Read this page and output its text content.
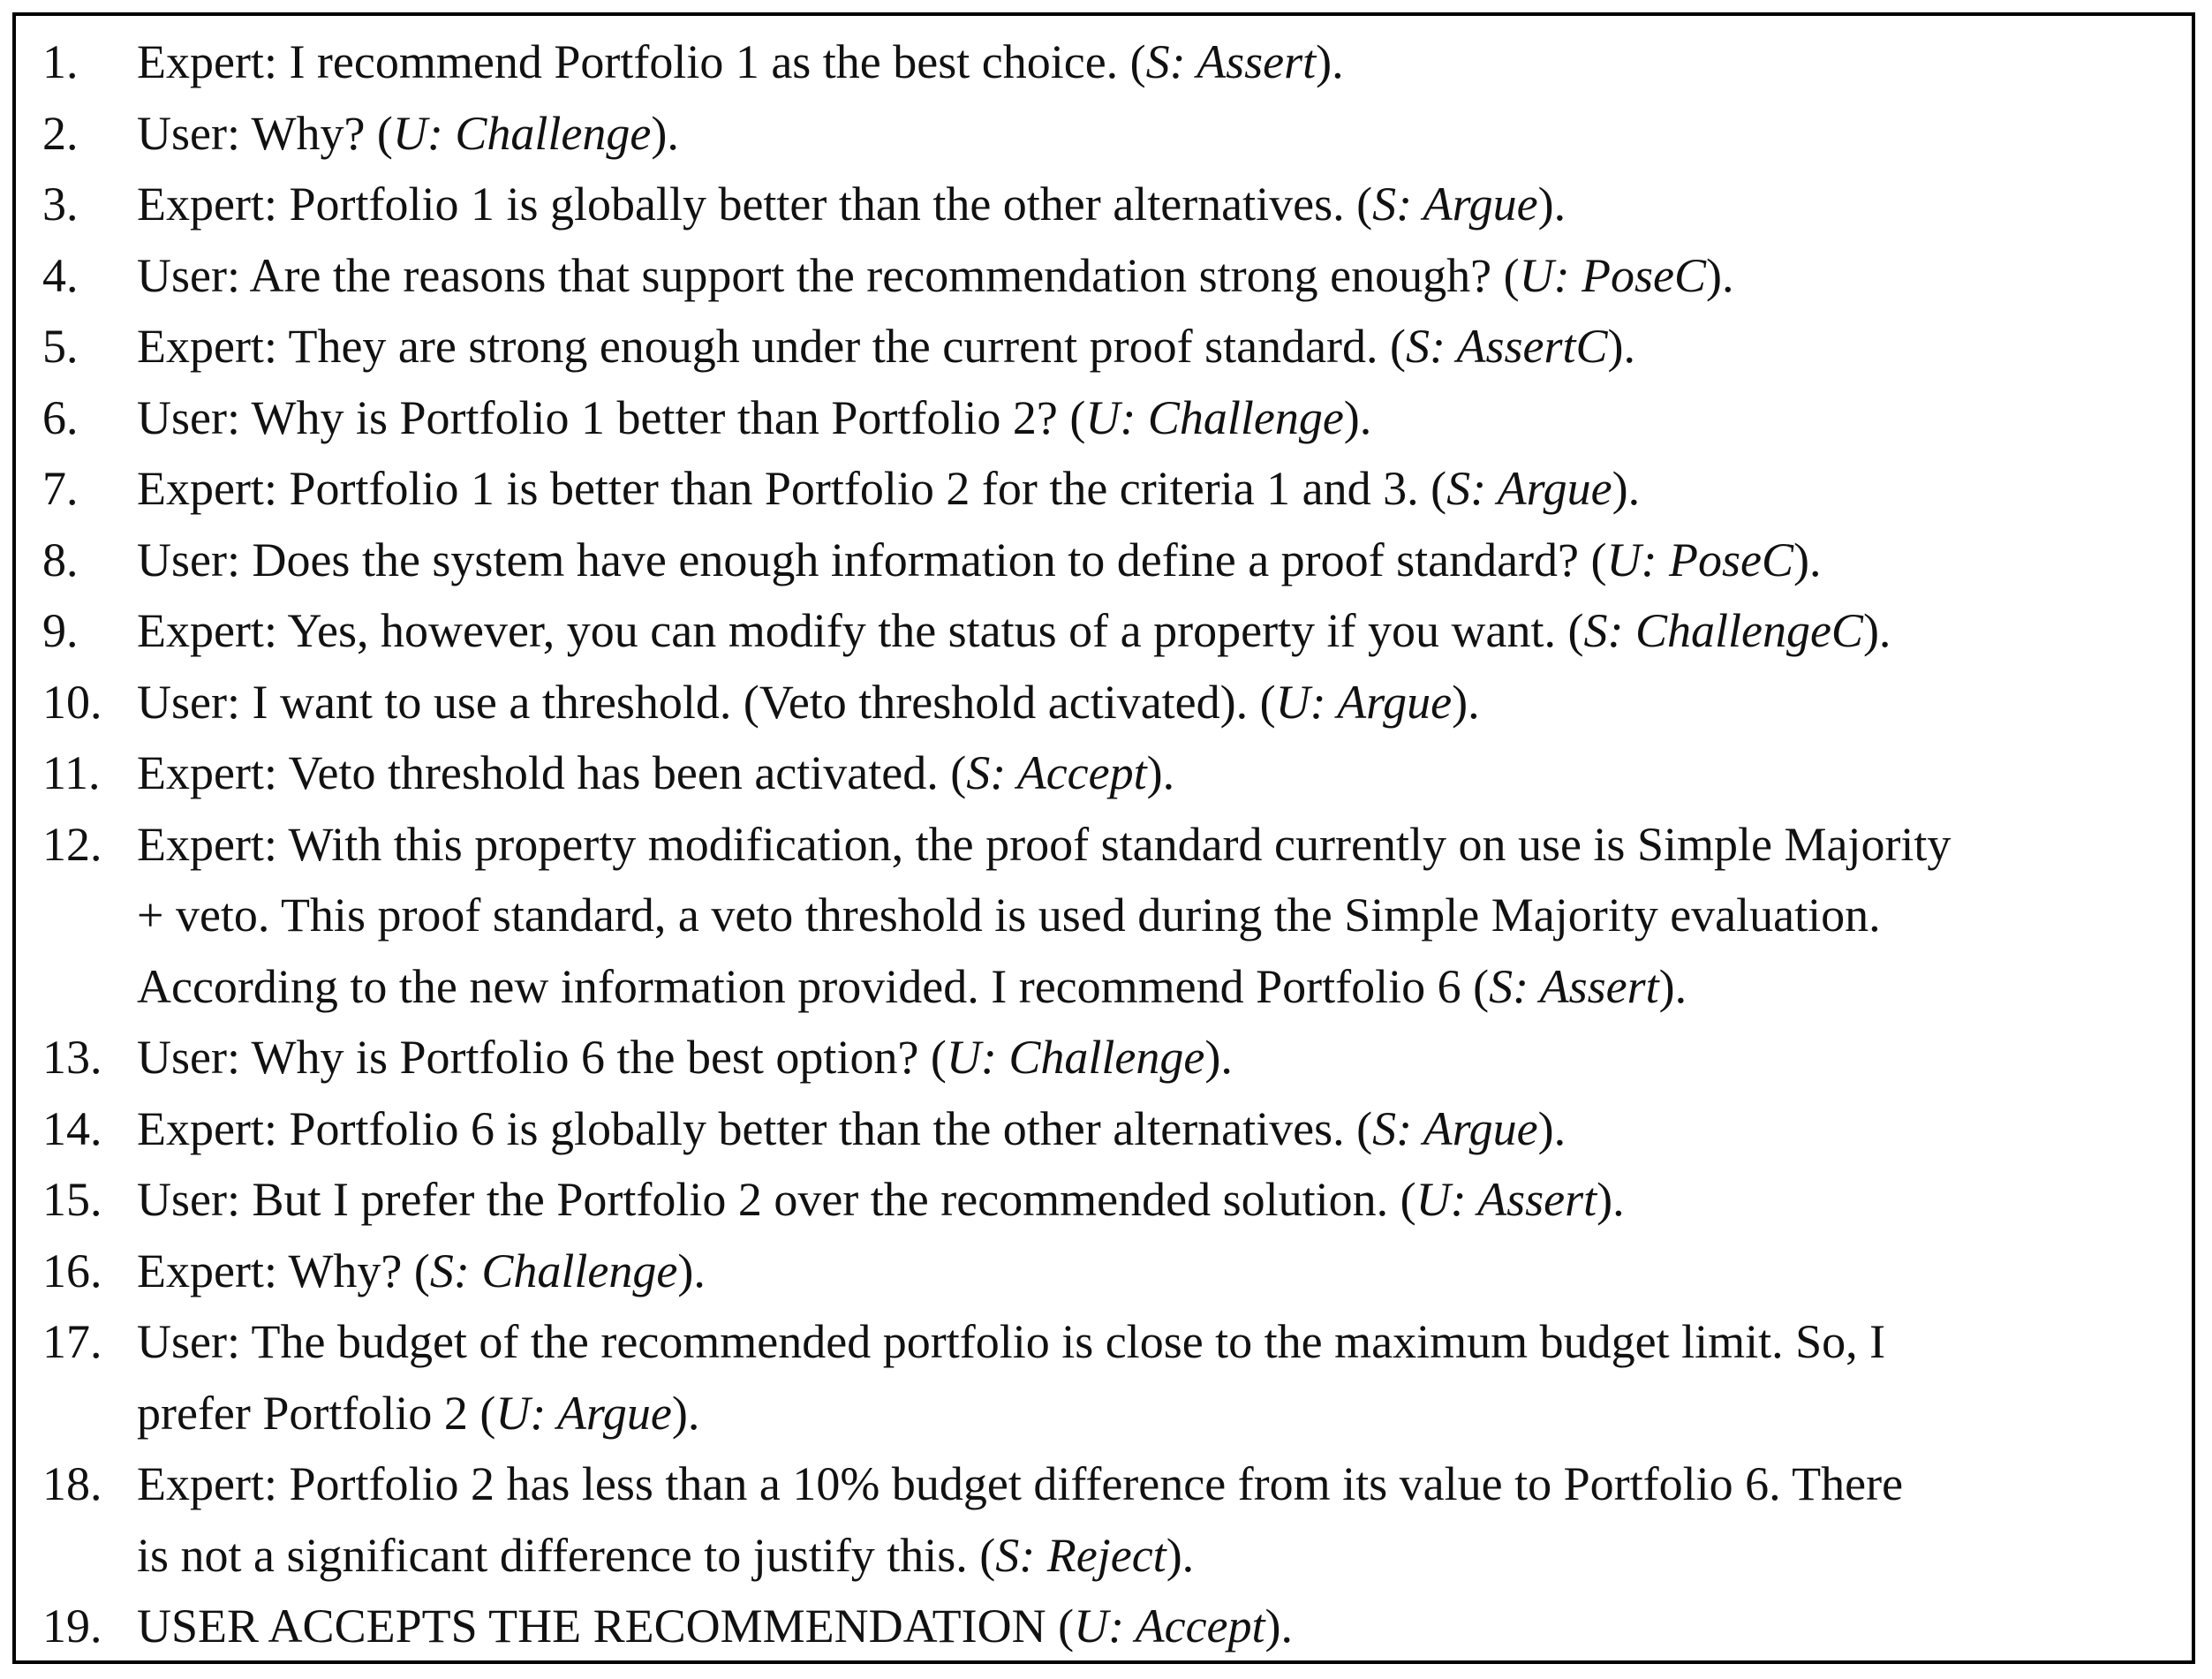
1.	Expert: I recommend Portfolio 1 as the best choice. (S: Assert).
2.	User: Why? (U: Challenge).
3.	Expert: Portfolio 1 is globally better than the other alternatives. (S: Argue).
4.	User: Are the reasons that support the recommendation strong enough? (U: PoseC).
5.	Expert: They are strong enough under the current proof standard. (S: AssertC).
6.	User: Why is Portfolio 1 better than Portfolio 2? (U: Challenge).
7.	Expert: Portfolio 1 is better than Portfolio 2 for the criteria 1 and 3. (S: Argue).
8.	User: Does the system have enough information to define a proof standard? (U: PoseC).
9.	Expert: Yes, however, you can modify the status of a property if you want. (S: ChallengeC).
10. User: I want to use a threshold. (Veto threshold activated). (U: Argue).
11. Expert: Veto threshold has been activated. (S: Accept).
12. Expert: With this property modification, the proof standard currently on use is Simple Majority
+ veto. This proof standard, a veto threshold is used during the Simple Majority evaluation.
According to the new information provided. I recommend Portfolio 6 (S: Assert).
13. User: Why is Portfolio 6 the best option? (U: Challenge).
14. Expert: Portfolio 6 is globally better than the other alternatives. (S: Argue).
15. User: But I prefer the Portfolio 2 over the recommended solution. (U: Assert).
16. Expert: Why? (S: Challenge).
17. User: The budget of the recommended portfolio is close to the maximum budget limit. So, I
prefer Portfolio 2 (U: Argue).
18. Expert: Portfolio 2 has less than a 10% budget difference from its value to Portfolio 6. There
is not a significant difference to justify this. (S: Reject).
19. USER ACCEPTS THE RECOMMENDATION (U: Accept).
